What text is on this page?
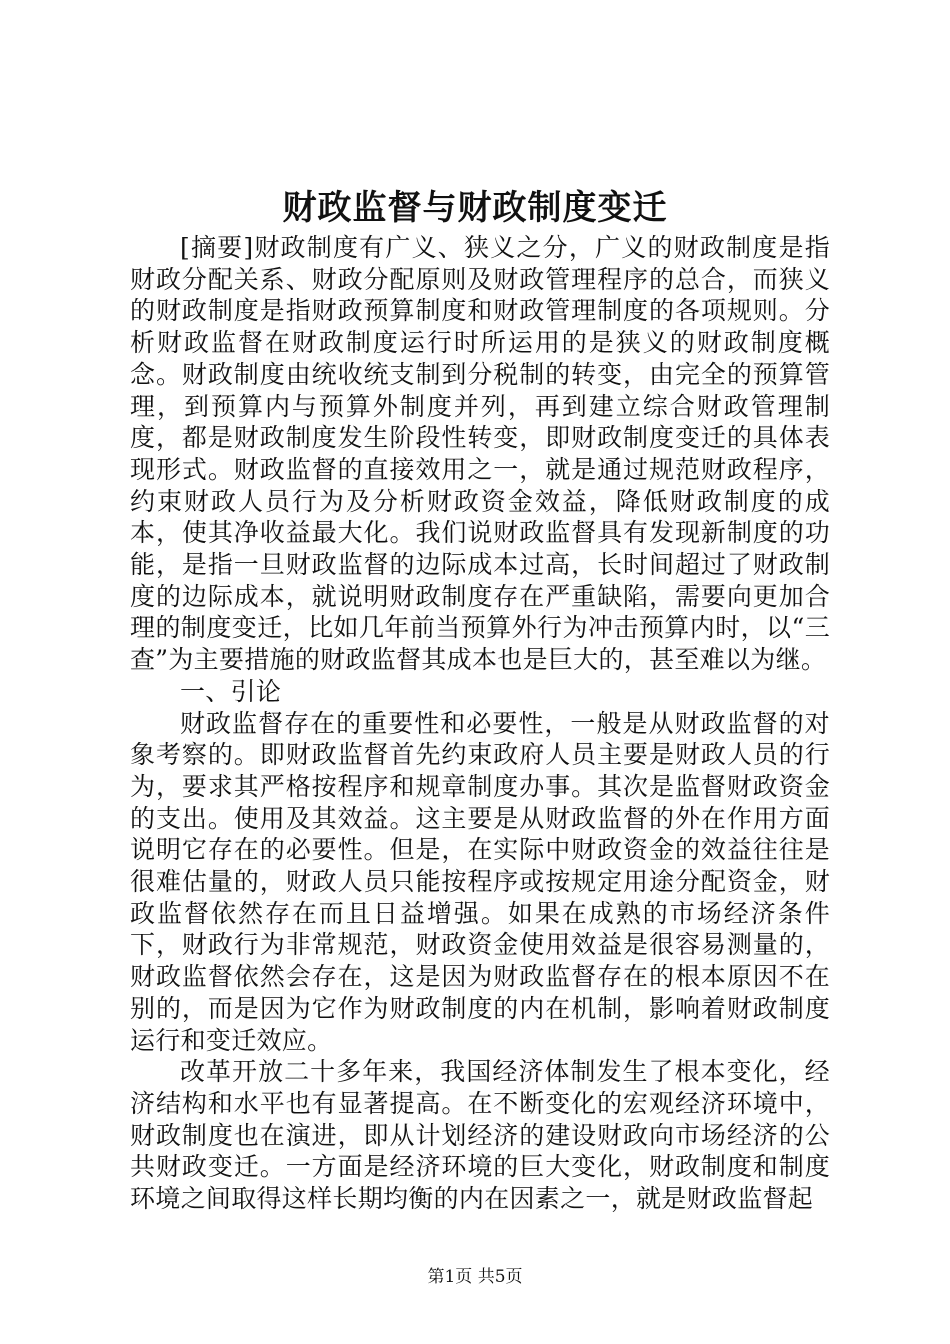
财政监督与财政制度变迁

[摘要]财政制度有广义、狭义之分，广义的财政制度是指财政分配关系、财政分配原则及财政管理程序的总合，而狭义的财政制度是指财政预算制度和财政管理制度的各项规则。分析财政监督在财政制度运行时所运用的是狭义的财政制度概念。财政制度由统收统支制到分税制的转变，由完全的预算管理，到预算内与预算外制度并列，再到建立综合财政管理制度，都是财政制度发生阶段性转变，即财政制度变迁的具体表现形式。财政监督的直接效用之一，就是通过规范财政程序，约束财政人员行为及分析财政资金效益，降低财政制度的成本，使其净收益最大化。我们说财政监督具有发现新制度的功能，是指一旦财政监督的边际成本过高，长时间超过了财政制度的边际成本，就说明财政制度存在严重缺陷，需要向更加合理的制度变迁，比如几年前当预算外行为冲击预算内时，以“三查”为主要措施的财政监督其成本也是巨大的，甚至难以为继。

一、引论

财政监督存在的重要性和必要性，一般是从财政监督的对象考察的。即财政监督首先约束政府人员主要是财政人员的行为，要求其严格按程序和规章制度办事。其次是监督财政资金的支出。使用及其效益。这主要是从财政监督的外在作用方面说明它存在的必要性。但是，在实际中财政资金的效益往往是很难估量的，财政人员只能按程序或按规定用途分配资金，财政监督依然存在而且日益增强。如果在成熟的市场经济条件下，财政行为非常规范，财政资金使用效益是很容易测量的，财政监督依然会存在，这是因为财政监督存在的根本原因不在别的，而是因为它作为财政制度的内在机制，影响着财政制度运行和变迁效应。

改革开放二十多年来，我国经济体制发生了根本变化，经济结构和水平也有显著提高。在不断变化的宏观经济环境中，财政制度也在演进，即从计划经济的建设财政向市场经济的公共财政变迁。一方面是经济环境的巨大变化，财政制度和制度环境之间取得这样长期均衡的内在因素之一，就是财政监督起

第1页 共5页
